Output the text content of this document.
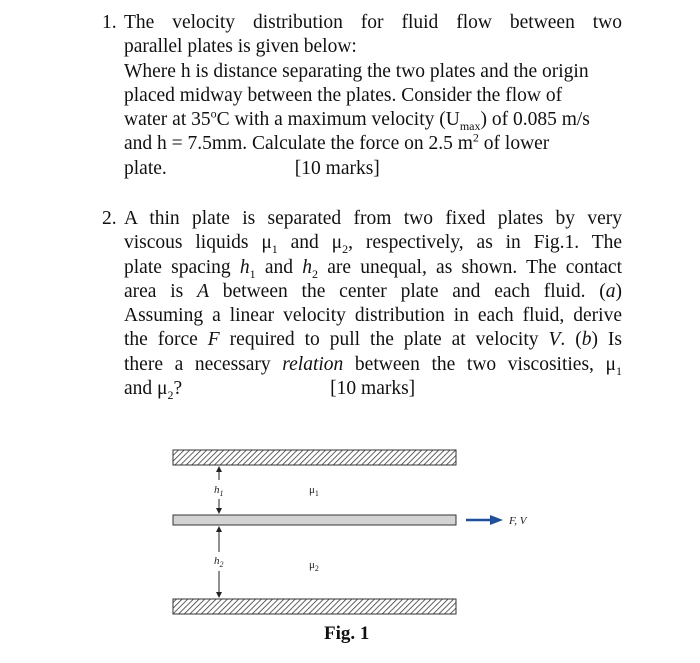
1. The velocity distribution for fluid flow between two
parallel plates is given below:
Where h is distance separating the two plates and the origin
placed midway between the plates. Consider the flow of
water at 35$^o$C with a maximum velocity $(U_{max})$ of 0.085 m/s
and h = 7.5mm. Calculate the force on 2.5 $m^2$ of lower
plate.	[10 marks]
2. A thin plate is separated from two fixed plates by very
viscous liquids $\mu_1$ and $\mu_2$, respectively, as in Fig.1. The
plate spacing $h_1$ and $h_2$ are unequal, as shown. The contact
area is A between the center plate and each fluid. (a)
Assuming a linear velocity distribution in each fluid, derive
the force F required to pull the plate at velocity V. (b) Is
there a necessary relation between the two viscosities, $\mu_1$
and $\mu_2$?	[10 marks]
$h_1$
$h_2$
$\mu_1$
$\mu_2$
F, V
Fig. 1
